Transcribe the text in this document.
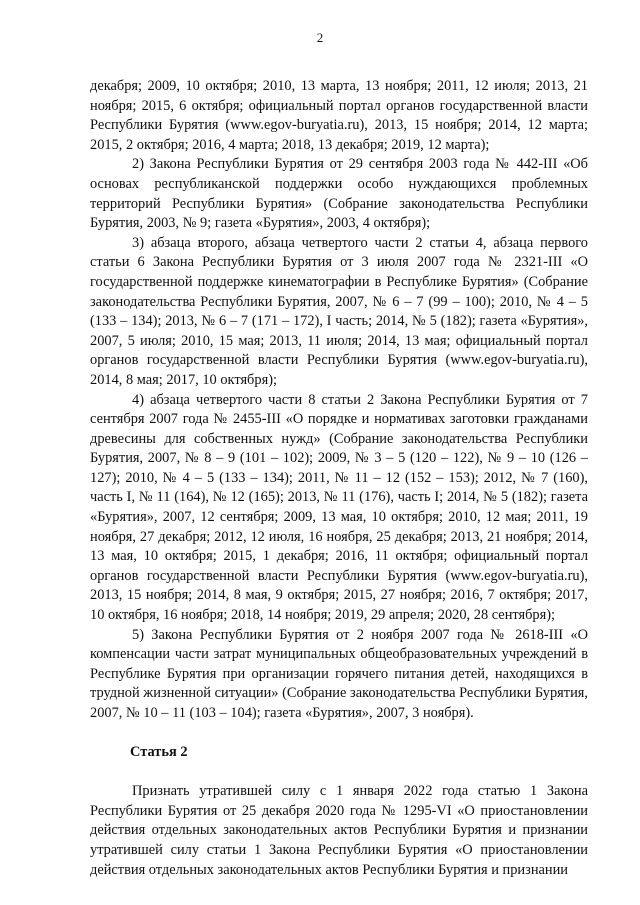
2

декабря; 2009, 10 октября; 2010, 13 марта, 13 ноября; 2011, 12 июля; 2013, 21 ноября; 2015, 6 октября; официальный портал органов государственной власти Республики Бурятия (www.egov-buryatia.ru), 2013, 15 ноября; 2014, 12 марта; 2015, 2 октября; 2016, 4 марта; 2018, 13 декабря; 2019, 12 марта);

2) Закона Республики Бурятия от 29 сентября 2003 года № 442-III «Об основах республиканской поддержки особо нуждающихся проблемных территорий Республики Бурятия» (Собрание законодательства Республики Бурятия, 2003, № 9; газета «Бурятия», 2003, 4 октября);

3) абзаца второго, абзаца четвертого части 2 статьи 4, абзаца первого статьи 6 Закона Республики Бурятия от 3 июля 2007 года № 2321-III «О государственной поддержке кинематографии в Республике Бурятия» (Собрание законодательства Республики Бурятия, 2007, № 6 – 7 (99 – 100); 2010, № 4 – 5 (133 – 134); 2013, № 6 – 7 (171 – 172), I часть; 2014, № 5 (182); газета «Бурятия», 2007, 5 июля; 2010, 15 мая; 2013, 11 июля; 2014, 13 мая; официальный портал органов государственной власти Республики Бурятия (www.egov-buryatia.ru), 2014, 8 мая; 2017, 10 октября);

4) абзаца четвертого части 8 статьи 2 Закона Республики Бурятия от 7 сентября 2007 года № 2455-III «О порядке и нормативах заготовки гражданами древесины для собственных нужд» (Собрание законодательства Республики Бурятия, 2007, № 8 – 9 (101 – 102); 2009, № 3 – 5 (120 – 122), № 9 – 10 (126 – 127); 2010, № 4 – 5 (133 – 134); 2011, № 11 – 12 (152 – 153); 2012, № 7 (160), часть I, № 11 (164), № 12 (165); 2013, № 11 (176), часть I; 2014, № 5 (182); газета «Бурятия», 2007, 12 сентября; 2009, 13 мая, 10 октября; 2010, 12 мая; 2011, 19 ноября, 27 декабря; 2012, 12 июля, 16 ноября, 25 декабря; 2013, 21 ноября; 2014, 13 мая, 10 октября; 2015, 1 декабря; 2016, 11 октября; официальный портал органов государственной власти Республики Бурятия (www.egov-buryatia.ru), 2013, 15 ноября; 2014, 8 мая, 9 октября; 2015, 27 ноября; 2016, 7 октября; 2017, 10 октября, 16 ноября; 2018, 14 ноября; 2019, 29 апреля; 2020, 28 сентября);

5) Закона Республики Бурятия от 2 ноября 2007 года № 2618-III «О компенсации части затрат муниципальных общеобразовательных учреждений в Республике Бурятия при организации горячего питания детей, находящихся в трудной жизненной ситуации» (Собрание законодательства Республики Бурятия, 2007, № 10 – 11 (103 – 104); газета «Бурятия», 2007, 3 ноября).

Статья 2

Признать утратившей силу с 1 января 2022 года статью 1 Закона Республики Бурятия от 25 декабря 2020 года № 1295-VI «О приостановлении действия отдельных законодательных актов Республики Бурятия и признании утратившей силу статьи 1 Закона Республики Бурятия «О приостановлении действия отдельных законодательных актов Республики Бурятия и признании
